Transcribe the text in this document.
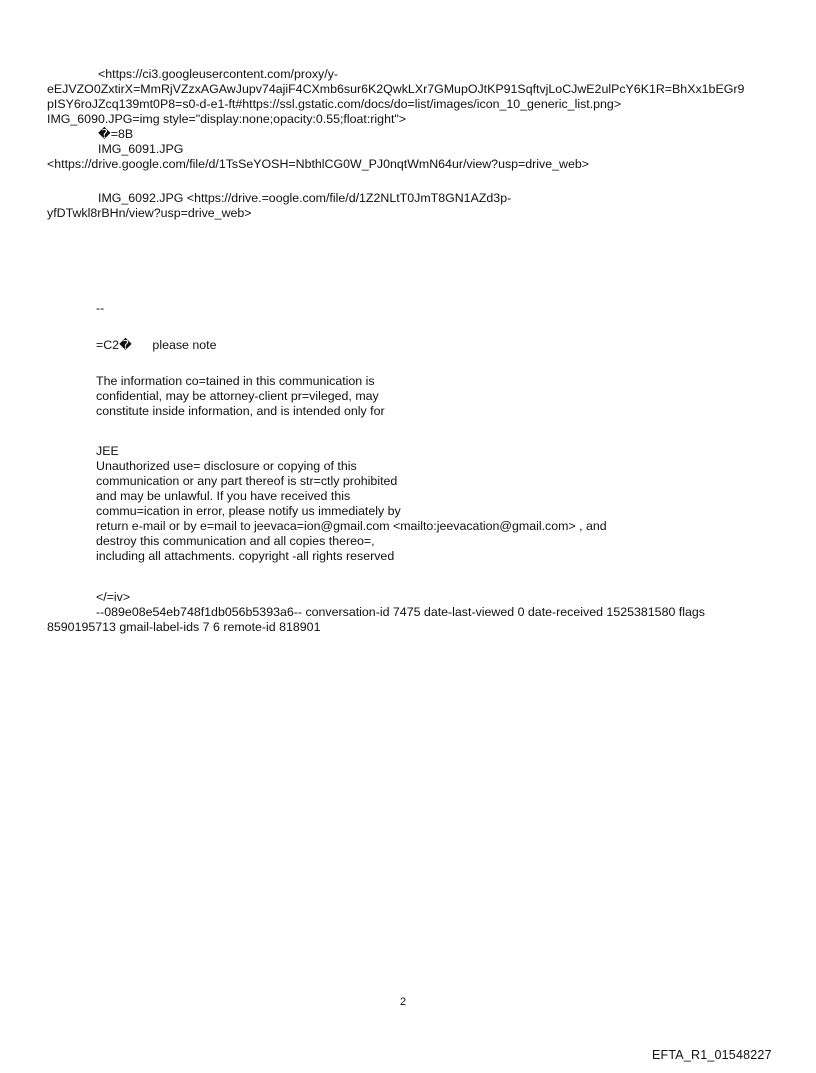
<https://ci3.googleusercontent.com/proxy/y-
eEJVZO0ZxtirX=MmRjVZzxAGAwJupv74ajiF4CXmb6sur6K2QwkLXr7GMupOJtKP91SqftvjLoCJwE2ulPcY6K1R=BhXx1bEGr9
pISY6roJZcq139mt0P8=s0-d-e1-ft#https://ssl.gstatic.com/docs/do=list/images/icon_10_generic_list.png>
IMG_6090.JPG=img style="display:none;opacity:0.55;float:right">
�=8B
IMG_6091.JPG
<https://drive.google.com/file/d/1TsSeYOSH=NbthlCG0W_PJ0nqtWmN64ur/view?usp=drive_web>
IMG_6092.JPG <https://drive.=oogle.com/file/d/1Z2NLtT0JmT8GN1AZd3p-
yfDTwkl8rBHn/view?usp=drive_web>
--
=C2�      please note
The information co=tained in this communication is
confidential, may be attorney-client pr=vileged, may
constitute inside information, and is intended only for
JEE
Unauthorized use= disclosure or copying of this
communication or any part thereof is str=ctly prohibited
and may be unlawful. If you have received this
commu=ication in error, please notify us immediately by
return e-mail or by e=mail to jeevaca=ion@gmail.com <mailto:jeevacation@gmail.com> , and
destroy this communication and all copies thereo=,
including all attachments. copyright -all rights reserved
</=iv>
--089e08e54eb748f1db056b5393a6-- conversation-id 7475 date-last-viewed 0 date-received 1525381580 flags
8590195713 gmail-label-ids 7 6 remote-id 818901
2
EFTA_R1_01548227
